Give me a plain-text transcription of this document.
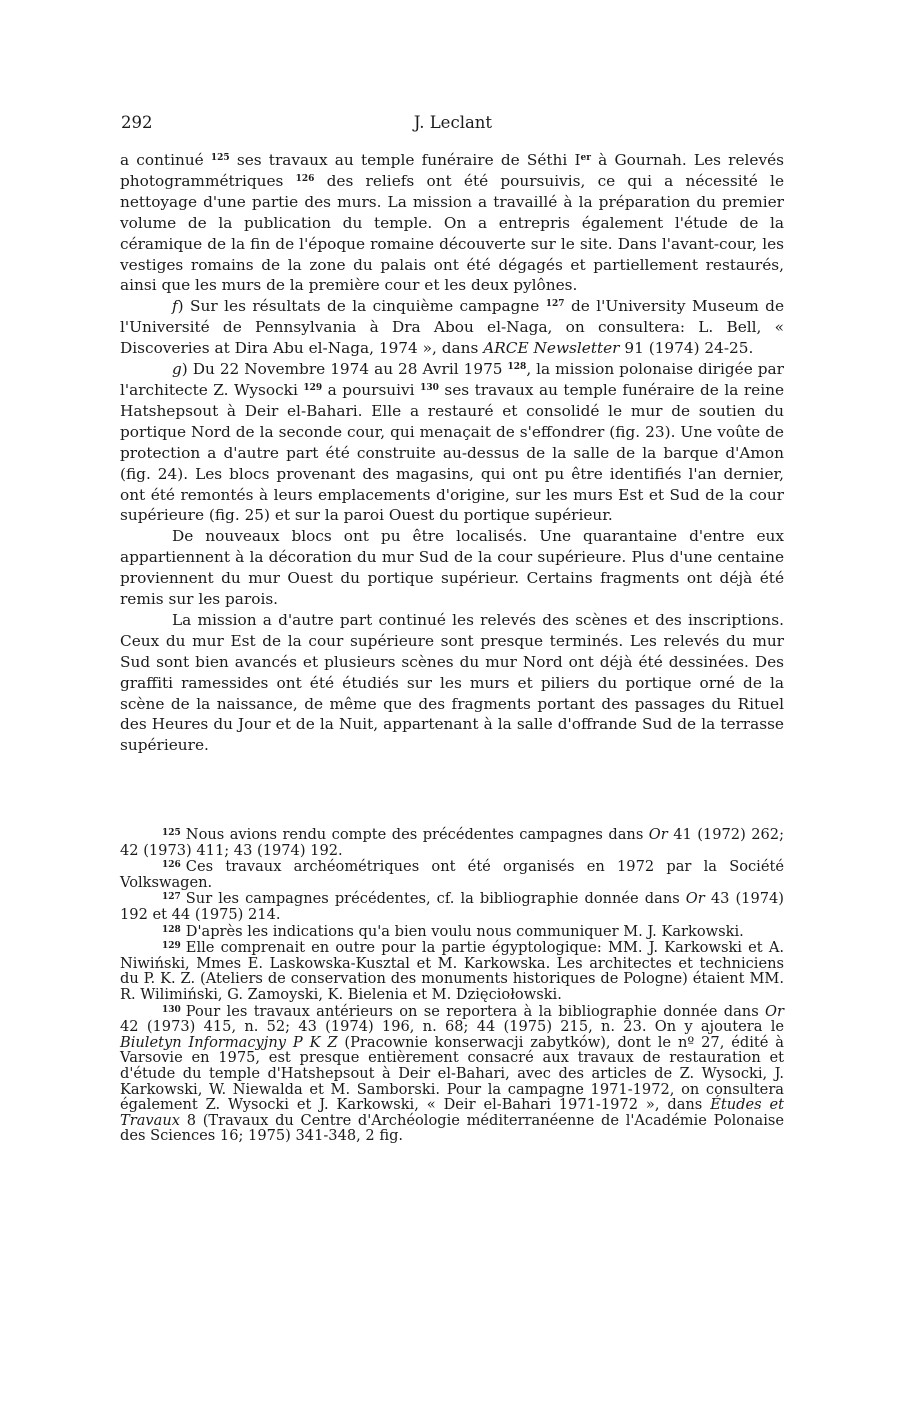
292	J. Leclant

a continué $^{125}$ ses travaux au temple funéraire de Séthi Ier à Gournah. Les relevés photogrammétriques $^{126}$ des reliefs ont été poursuivis, ce qui a nécessité le nettoyage d'une partie des murs. La mission a travaillé à la préparation du premier volume de la publication du temple. On a entrepris également l'étude de la céramique de la fin de l'époque romaine découverte sur le site. Dans l'avant-cour, les vestiges romains de la zone du palais ont été dégagés et partiellement restaurés, ainsi que les murs de la première cour et les deux pylônes.

f) Sur les résultats de la cinquième campagne $^{127}$ de l'University Museum de l'Université de Pennsylvania à Dra Abou el-Naga, on consultera: L. Bell, « Discoveries at Dira Abu el-Naga, 1974 », dans ARCE Newsletter 91 (1974) 24-25.

g) Du 22 Novembre 1974 au 28 Avril 1975 $^{128}$, la mission polonaise dirigée par l'architecte Z. Wysocki $^{129}$ a poursuivi $^{130}$ ses travaux au temple funéraire de la reine Hatshepsout à Deir el-Bahari. Elle a restauré et consolidé le mur de soutien du portique Nord de la seconde cour, qui menaçait de s'effondrer (fig. 23). Une voûte de protection a d'autre part été construite au-dessus de la salle de la barque d'Amon (fig. 24). Les blocs provenant des magasins, qui ont pu être identifiés l'an dernier, ont été remontés à leurs emplacements d'origine, sur les murs Est et Sud de la cour supérieure (fig. 25) et sur la paroi Ouest du portique supérieur.

De nouveaux blocs ont pu être localisés. Une quarantaine d'entre eux appartiennent à la décoration du mur Sud de la cour supérieure. Plus d'une centaine proviennent du mur Ouest du portique supérieur. Certains fragments ont déjà été remis sur les parois.

La mission a d'autre part continué les relevés des scènes et des inscriptions. Ceux du mur Est de la cour supérieure sont presque terminés. Les relevés du mur Sud sont bien avancés et plusieurs scènes du mur Nord ont déjà été dessinées. Des graffiti ramessides ont été étudiés sur les murs et piliers du portique orné de la scène de la naissance, de même que des fragments portant des passages du Rituel des Heures du Jour et de la Nuit, appartenant à la salle d'offrande Sud de la terrasse supérieure.

$^{125}$ Nous avions rendu compte des précédentes campagnes dans Or 41 (1972) 262; 42 (1973) 411; 43 (1974) 192.

$^{126}$ Ces travaux archéométriques ont été organisés en 1972 par la Société Volkswagen.

$^{127}$ Sur les campagnes précédentes, cf. la bibliographie donnée dans Or 43 (1974) 192 et 44 (1975) 214.

$^{128}$ D'après les indications qu'a bien voulu nous communiquer M. J. Karkowski.

$^{129}$ Elle comprenait en outre pour la partie égyptologique: MM. J. Karkowski et A. Niwiński, Mmes E. Laskowska-Kusztal et M. Karkowska. Les architectes et techniciens du P. K. Z. (Ateliers de conservation des monuments historiques de Pologne) étaient MM. R. Wilimiński, G. Zamoyski, K. Bielenia et M. Dzięciołowski.

$^{130}$ Pour les travaux antérieurs on se reportera à la bibliographie donnée dans Or 42 (1973) 415, n. 52; 43 (1974) 196, n. 68; 44 (1975) 215, n. 23. On y ajoutera le Biuletyn Informacyjny P K Z (Pracownie konserwacji zabytków), dont le nº 27, édité à Varsovie en 1975, est presque entièrement consacré aux travaux de restauration et d'étude du temple d'Hatshepsout à Deir el-Bahari, avec des articles de Z. Wysocki, J. Karkowski, W. Niewalda et M. Samborski. Pour la campagne 1971-1972, on consultera également Z. Wysocki et J. Karkowski, « Deir el-Bahari 1971-1972 », dans Études et Travaux 8 (Travaux du Centre d'Archéologie méditerranéenne de l'Académie Polonaise des Sciences 16; 1975) 341-348, 2 fig.
